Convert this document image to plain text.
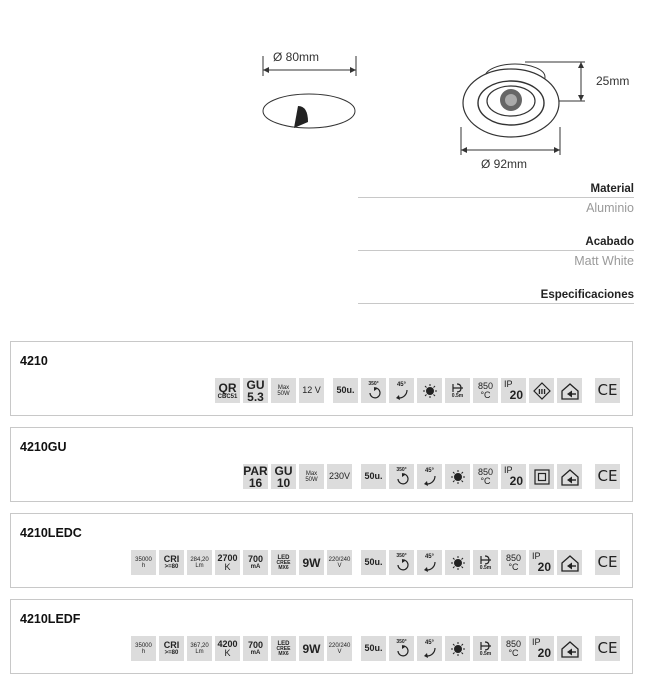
Ø 80mm
25mm
Ø 92mm
Material
Aluminio
Acabado
Matt White
Especificaciones
4210
QR
CBC51
GU
5.3
Max
50W 12 V 50u.
350°	45°
0.5m
850
°C
IP
20 III	CE
4210GU
PAR
16
GU
10
Max
50W 230V 50u.
350°	45°	850
°C
IP
20	CE
4210LEDC
35000
h
CRI
>=80
284,20
Lm
2700
K
700
mA
LED
CREE
MX6 9W 220/240
V	50u.
350°	45°
0.5m
850
°C
IP
20	CE
4210LEDF
35000
h
CRI
>=80
367,20
Lm
4200
K
700
mA
LED
CREE
MX6 9W 220/240
V	50u.
350°	45°
0.5m
850
°C
IP
20	CE
